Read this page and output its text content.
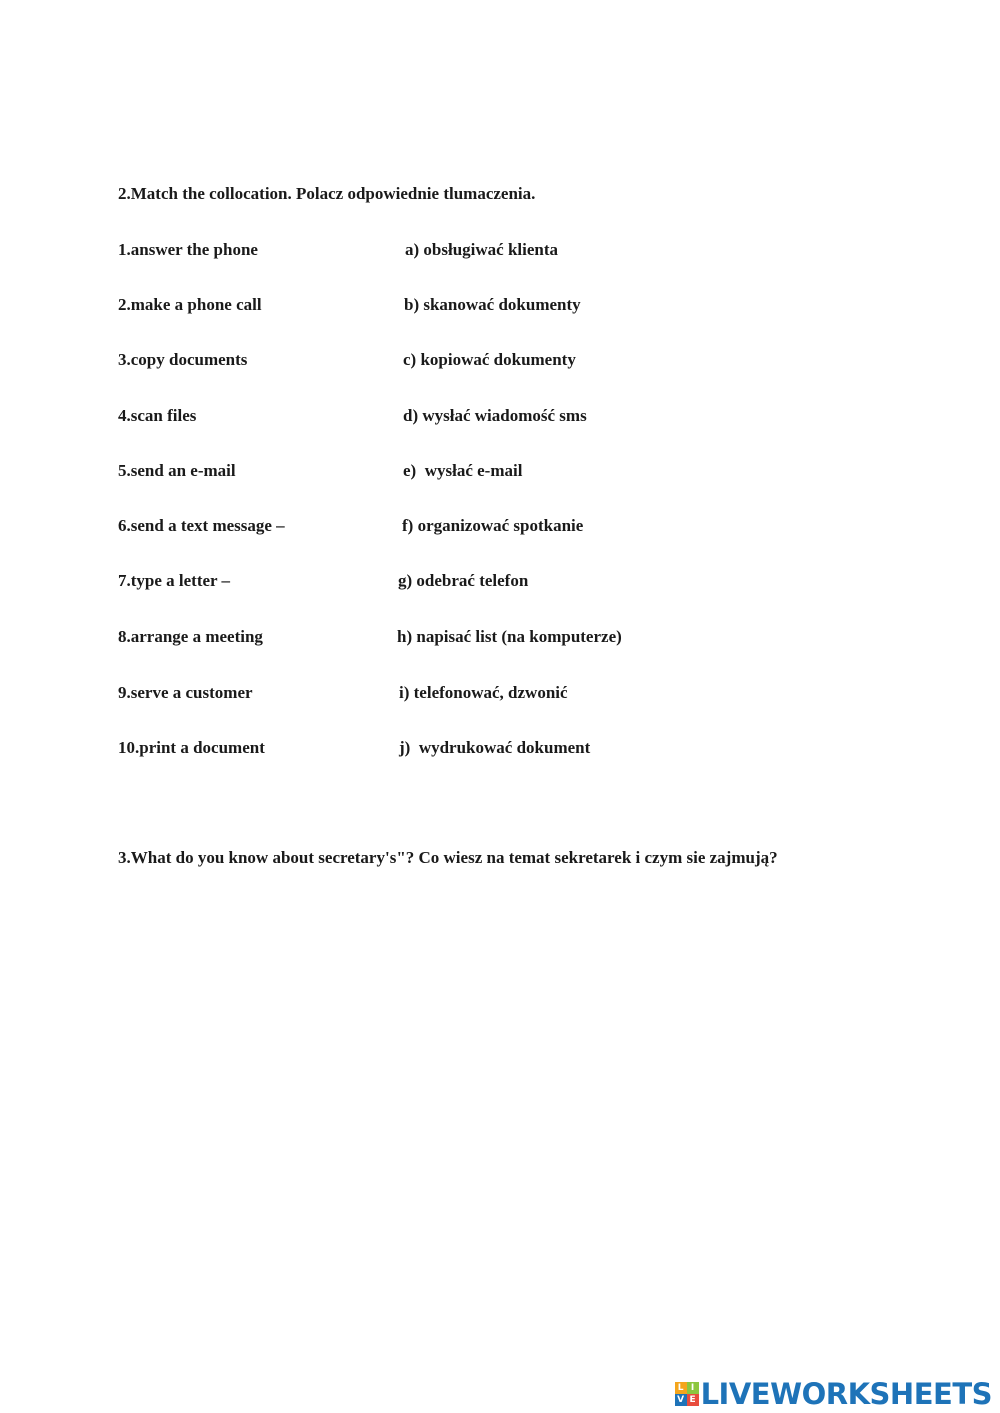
2.Match the collocation. Polacz odpowiednie tlumaczenia.
1.answer the phone	a) obsługiwać klienta
2.make a phone call	b) skanować dokumenty
3.copy documents	c) kopiować dokumenty
4.scan files	d) wysłać wiadomość sms
5.send an e-mail	e)  wysłać e-mail
6.send a text message –	f) organizować spotkanie
7.type a letter –	g) odebrać telefon
8.arrange a meeting	h) napisać list (na komputerze)
9.serve a customer	i) telefonować, dzwonić
10.print a document	j)  wydrukować dokument
3.What do you know about secretary's"? Co wiesz na temat sekretarek i czym sie zajmują?
L I
V E LIVEWORKSHEETS
